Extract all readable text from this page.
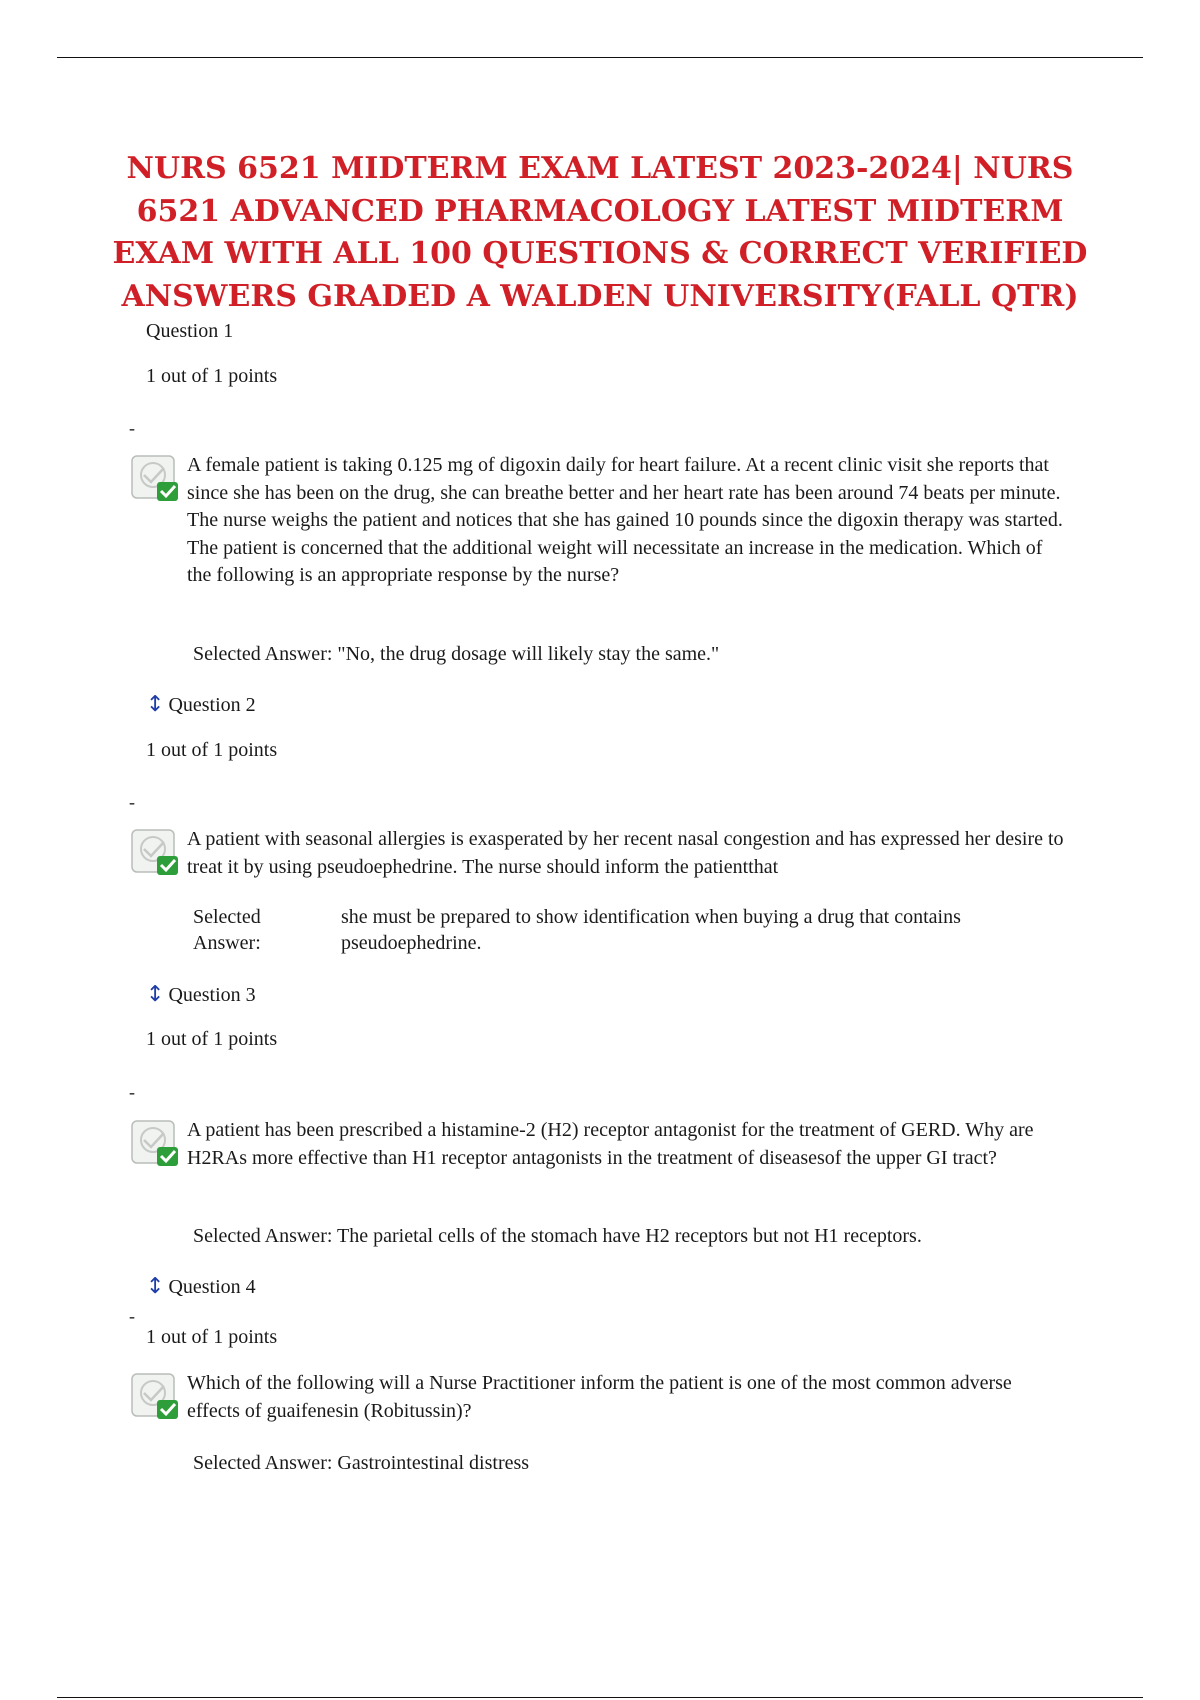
NURS 6521 MIDTERM EXAM LATEST 2023-2024| NURS 6521 ADVANCED PHARMACOLOGY LATEST MIDTERM EXAM WITH ALL 100 QUESTIONS & CORRECT VERIFIED ANSWERS GRADED A WALDEN UNIVERSITY(FALL QTR)
Question 1
1 out of 1 points
-

A female patient is taking 0.125 mg of digoxin daily for heart failure. At a recent clinic visit she reports that since she has been on the drug, she can breathe better and her heart rate has been around 74 beats per minute. The nurse weighs the patient and notices that she has gained 10 pounds since the digoxin therapy was started. The patient is concerned that the additional weight will necessitate an increase in the medication. Which of the following is an appropriate response by the nurse?

Selected Answer: "No, the drug dosage will likely stay the same."
↕ Question 2
1 out of 1 points
-

A patient with seasonal allergies is exasperated by her recent nasal congestion and has expressed her desire to treat it by using pseudoephedrine. The nurse should inform the patientthat

Selected
Answer:
she must be prepared to show identification when buying a drug that contains pseudoephedrine.
↕ Question 3
1 out of 1 points
-

A patient has been prescribed a histamine-2 (H2) receptor antagonist for the treatment of GERD. Why are H2RAs more effective than H1 receptor antagonists in the treatment of diseasesof the upper GI tract?

Selected Answer: The parietal cells of the stomach have H2 receptors but not H1 receptors.
↕ Question 4
-
1 out of 1 points

Which of the following will a Nurse Practitioner inform the patient is one of the most common adverse effects of guaifenesin (Robitussin)?

Selected Answer: Gastrointestinal distress
